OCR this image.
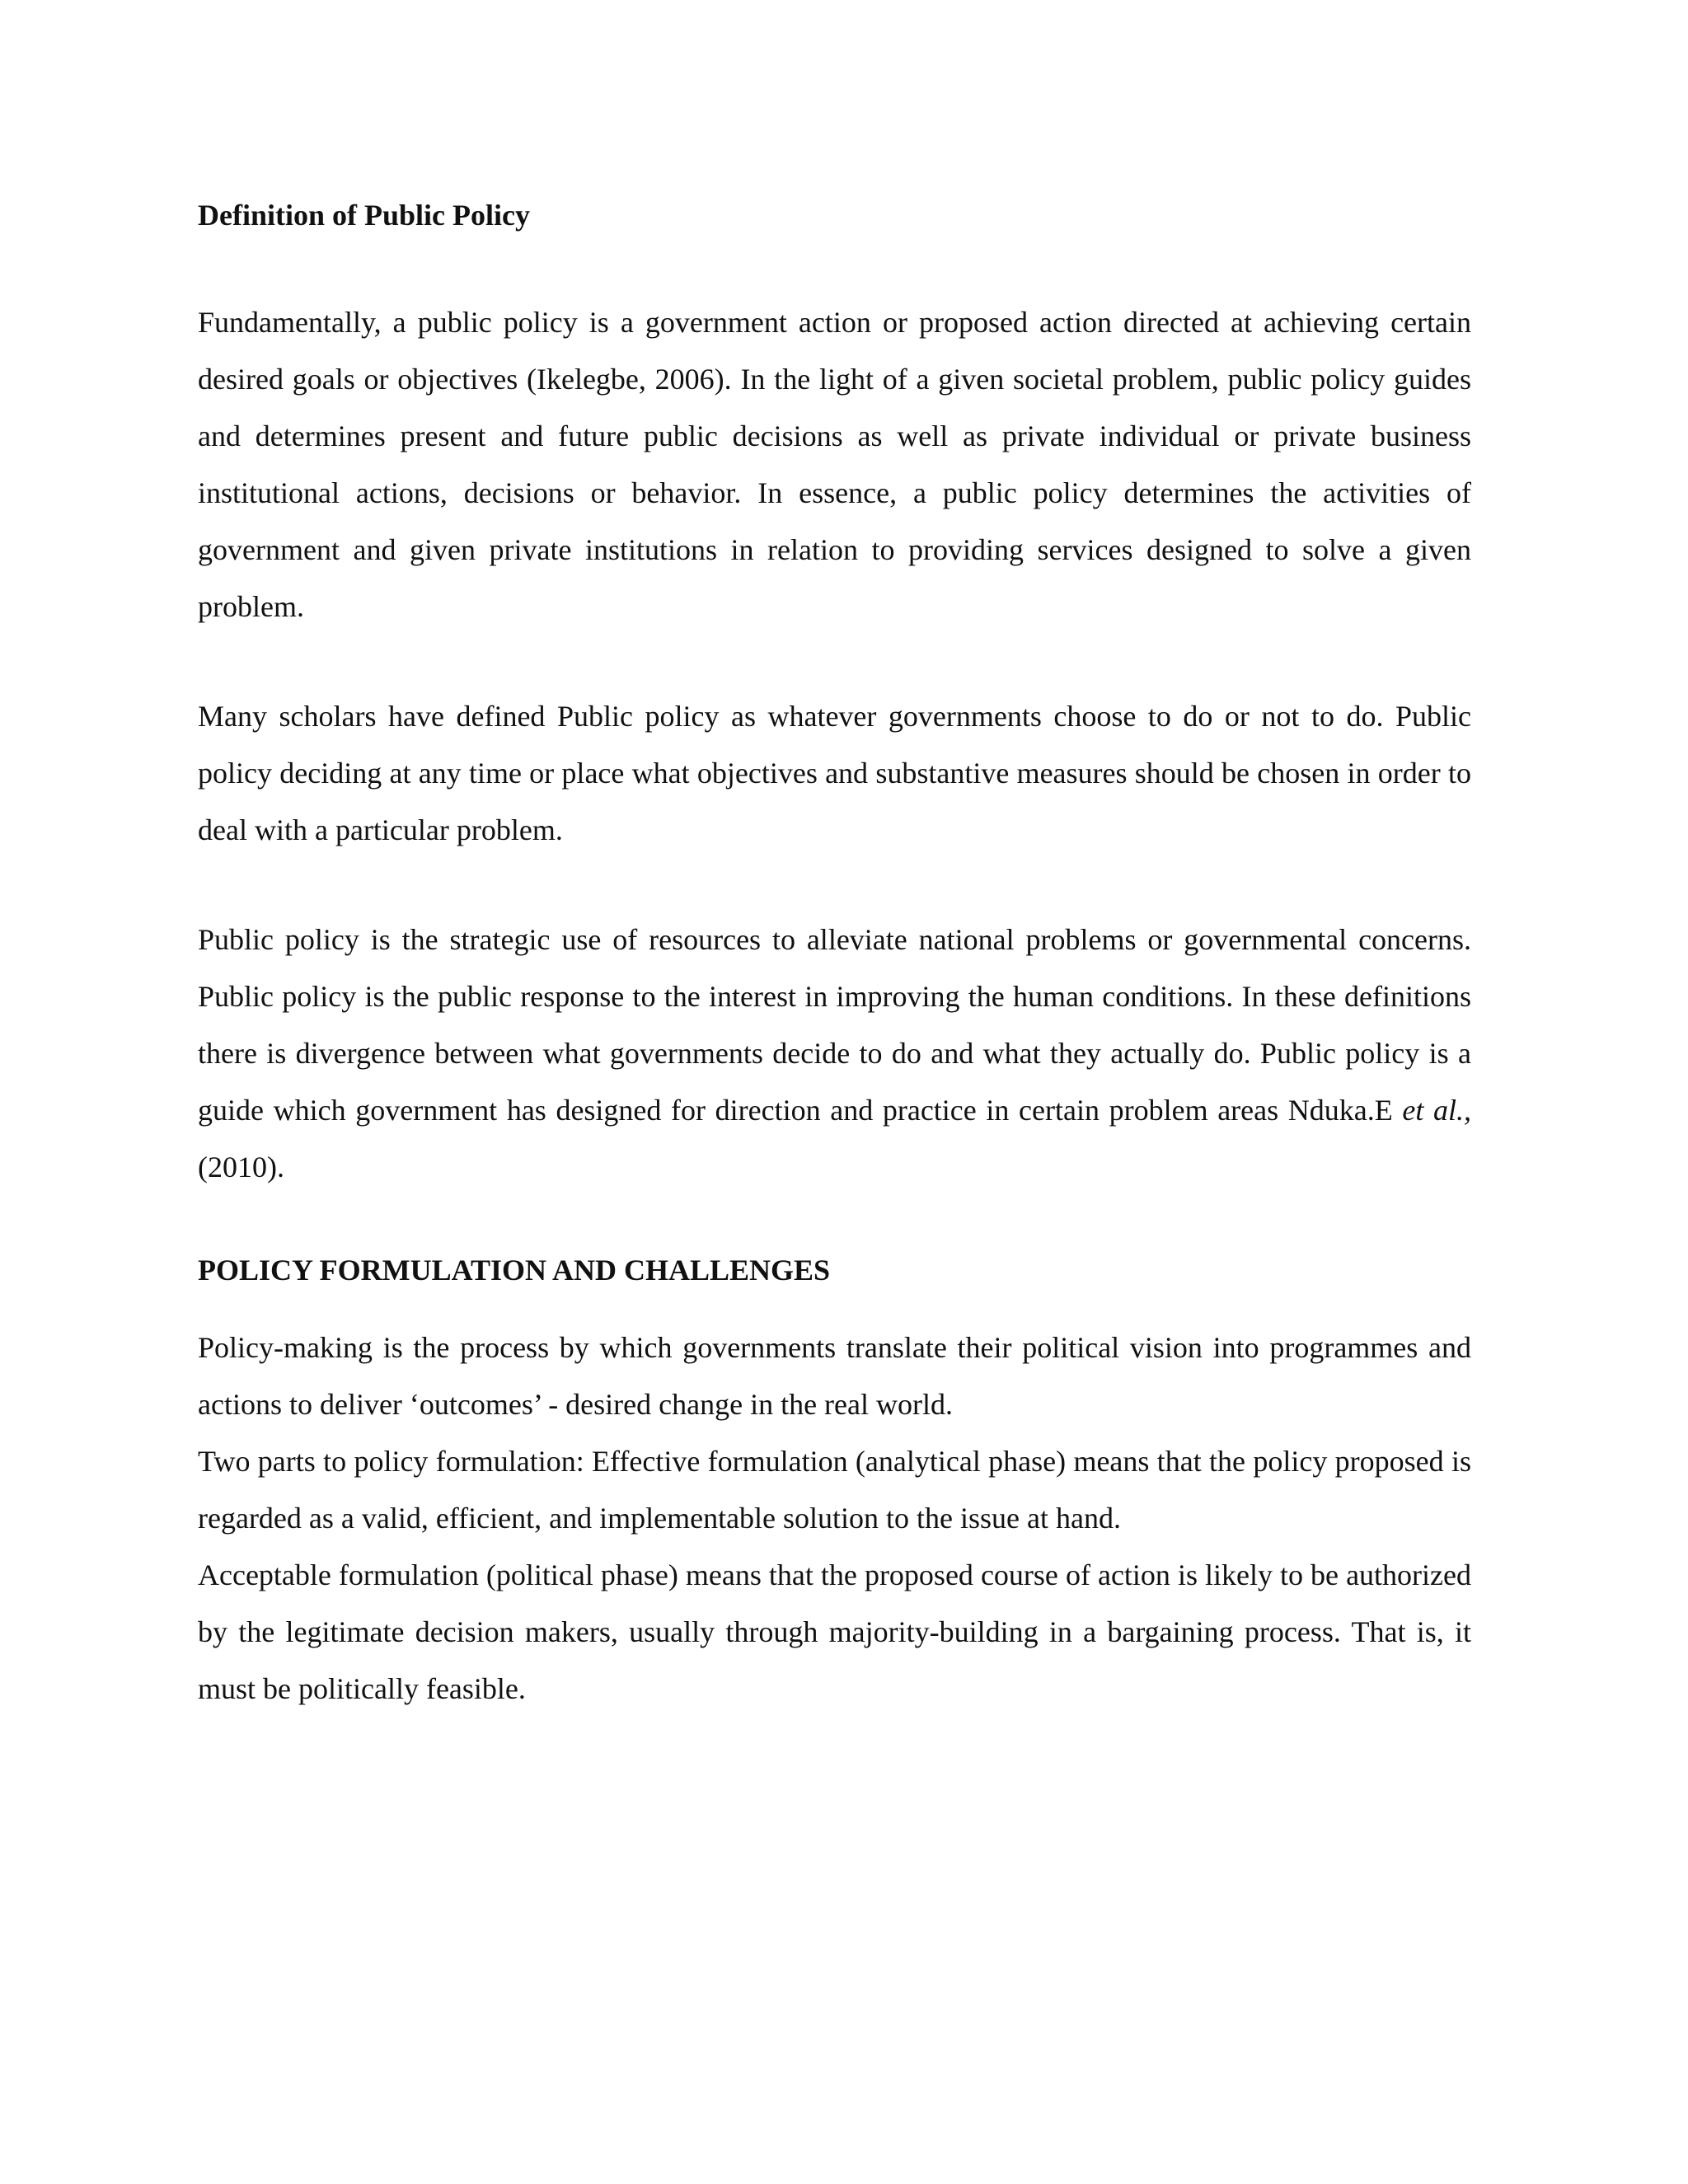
Definition of Public Policy

Fundamentally, a public policy is a government action or proposed action directed at achieving certain desired goals or objectives (Ikelegbe, 2006). In the light of a given societal problem, public policy guides and determines present and future public decisions as well as private individual or private business institutional actions, decisions or behavior. In essence, a public policy determines the activities of government and given private institutions in relation to providing services designed to solve a given problem.

Many scholars have defined Public policy as whatever governments choose to do or not to do. Public policy deciding at any time or place what objectives and substantive measures should be chosen in order to deal with a particular problem.

Public policy is the strategic use of resources to alleviate national problems or governmental concerns. Public policy is the public response to the interest in improving the human conditions. In these definitions there is divergence between what governments decide to do and what they actually do. Public policy is a guide which government has designed for direction and practice in certain problem areas Nduka.E et al., (2010).

POLICY FORMULATION AND CHALLENGES

Policy-making is the process by which governments translate their political vision into programmes and actions to deliver ‘outcomes’ - desired change in the real world.

Two parts to policy formulation: Effective formulation (analytical phase) means that the policy proposed is regarded as a valid, efficient, and implementable solution to the issue at hand.

Acceptable formulation (political phase) means that the proposed course of action is likely to be authorized by the legitimate decision makers, usually through majority-building in a bargaining process. That is, it must be politically feasible.
